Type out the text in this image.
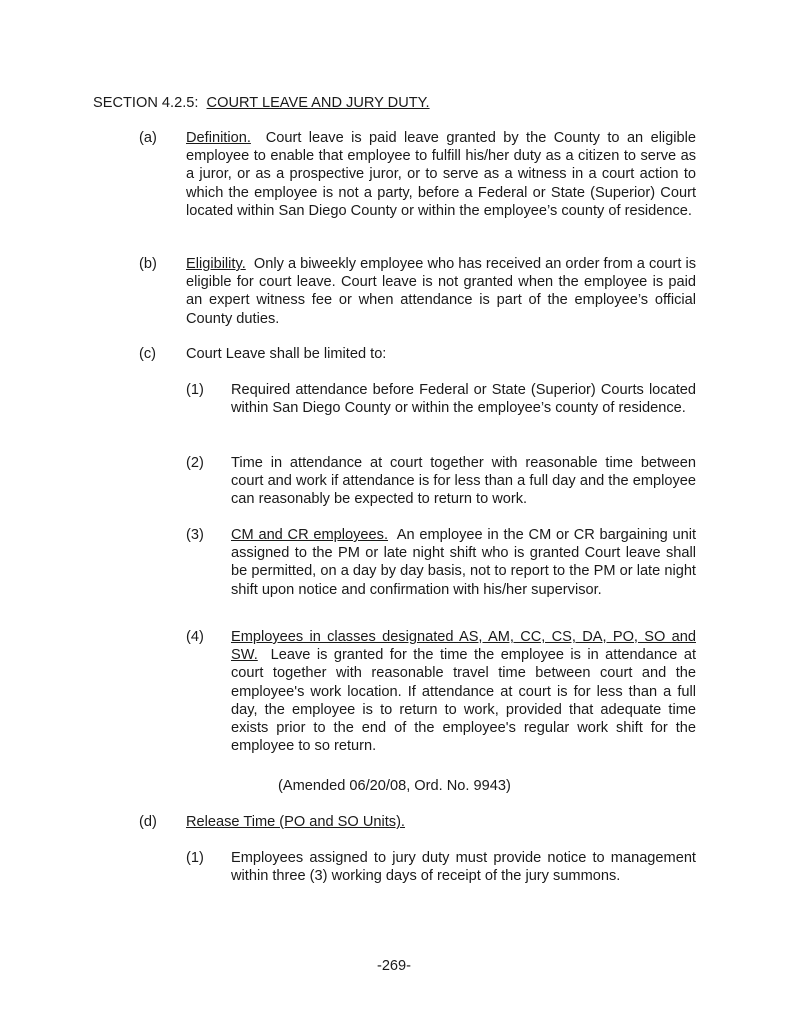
SECTION 4.2.5: COURT LEAVE AND JURY DUTY.
(a) Definition. Court leave is paid leave granted by the County to an eligible employee to enable that employee to fulfill his/her duty as a citizen to serve as a juror, or as a prospective juror, or to serve as a witness in a court action to which the employee is not a party, before a Federal or State (Superior) Court located within San Diego County or within the employee’s county of residence.
(b) Eligibility. Only a biweekly employee who has received an order from a court is eligible for court leave. Court leave is not granted when the employee is paid an expert witness fee or when attendance is part of the employee’s official County duties.
(c) Court Leave shall be limited to:
(1) Required attendance before Federal or State (Superior) Courts located within San Diego County or within the employee’s county of residence.
(2) Time in attendance at court together with reasonable time between court and work if attendance is for less than a full day and the employee can reasonably be expected to return to work.
(3) CM and CR employees. An employee in the CM or CR bargaining unit assigned to the PM or late night shift who is granted Court leave shall be permitted, on a day by day basis, not to report to the PM or late night shift upon notice and confirmation with his/her supervisor.
(4) Employees in classes designated AS, AM, CC, CS, DA, PO, SO and SW. Leave is granted for the time the employee is in attendance at court together with reasonable travel time between court and the employee's work location. If attendance at court is for less than a full day, the employee is to return to work, provided that adequate time exists prior to the end of the employee's regular work shift for the employee to so return.
(Amended 06/20/08, Ord. No. 9943)
(d) Release Time (PO and SO Units).
(1) Employees assigned to jury duty must provide notice to management within three (3) working days of receipt of the jury summons.
-269-
